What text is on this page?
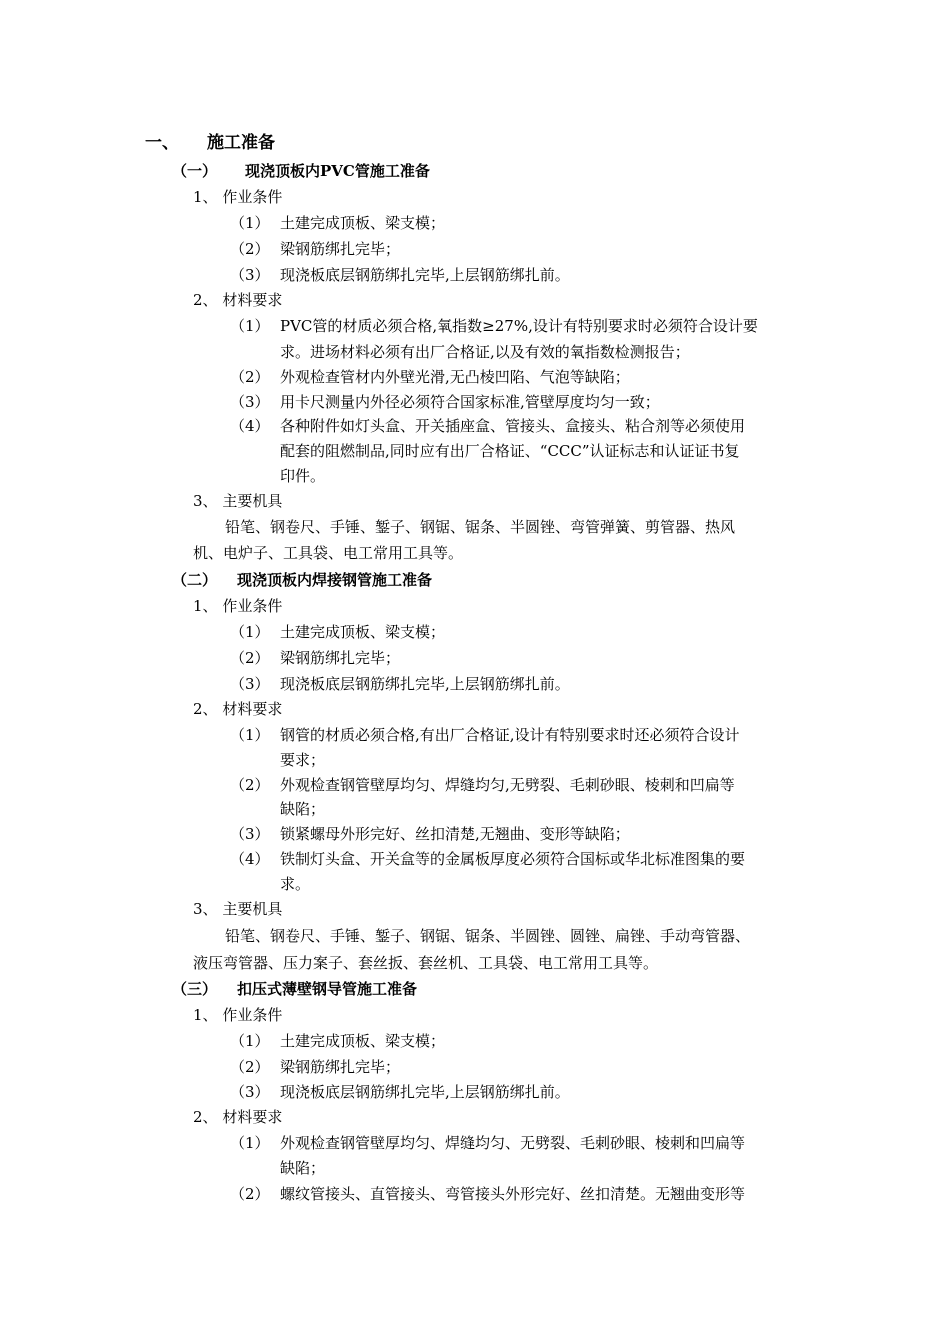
一、 施工准备
（一） 现浇顶板内PVC管施工准备
1、 作业条件
（1） 土建完成顶板、梁支模；
（2） 梁钢筋绑扎完毕；
（3） 现浇板底层钢筋绑扎完毕,上层钢筋绑扎前。
2、 材料要求
（1） PVC管的材质必须合格,氧指数≥27%,设计有特别要求时必须符合设计要
求。进场材料必须有出厂合格证,以及有效的氧指数检测报告；
（2） 外观检查管材内外壁光滑,无凸棱凹陷、气泡等缺陷；
（3） 用卡尺测量内外径必须符合国家标准,管壁厚度均匀一致；
（4） 各种附件如灯头盒、开关插座盒、管接头、盒接头、粘合剂等必须使用
配套的阻燃制品,同时应有出厂合格证、“CCC”认证标志和认证证书复
印件。
3、 主要机具
铅笔、钢卷尺、手锤、錾子、钢锯、锯条、半圆锉、弯管弹簧、剪管器、热风
机、电炉子、工具袋、电工常用工具等。
（二） 现浇顶板内焊接钢管施工准备
1、 作业条件
（1） 土建完成顶板、梁支模；
（2） 梁钢筋绑扎完毕；
（3） 现浇板底层钢筋绑扎完毕,上层钢筋绑扎前。
2、 材料要求
（1） 钢管的材质必须合格,有出厂合格证,设计有特别要求时还必须符合设计
要求；
（2） 外观检查钢管壁厚均匀、焊缝均匀,无劈裂、毛刺砂眼、棱刺和凹扁等
缺陷；
（3） 锁紧螺母外形完好、丝扣清楚,无翘曲、变形等缺陷；
（4） 铁制灯头盒、开关盒等的金属板厚度必须符合国标或华北标准图集的要
求。
3、 主要机具
铅笔、钢卷尺、手锤、錾子、钢锯、锯条、半圆锉、圆锉、扁锉、手动弯管器、
液压弯管器、压力案子、套丝扳、套丝机、工具袋、电工常用工具等。
（三） 扣压式薄壁钢导管施工准备
1、 作业条件
（1） 土建完成顶板、梁支模；
（2） 梁钢筋绑扎完毕；
（3） 现浇板底层钢筋绑扎完毕,上层钢筋绑扎前。
2、 材料要求
（1） 外观检查钢管壁厚均匀、焊缝均匀、无劈裂、毛刺砂眼、棱刺和凹扁等
缺陷；
（2） 螺纹管接头、直管接头、弯管接头外形完好、丝扣清楚。无翘曲变形等
